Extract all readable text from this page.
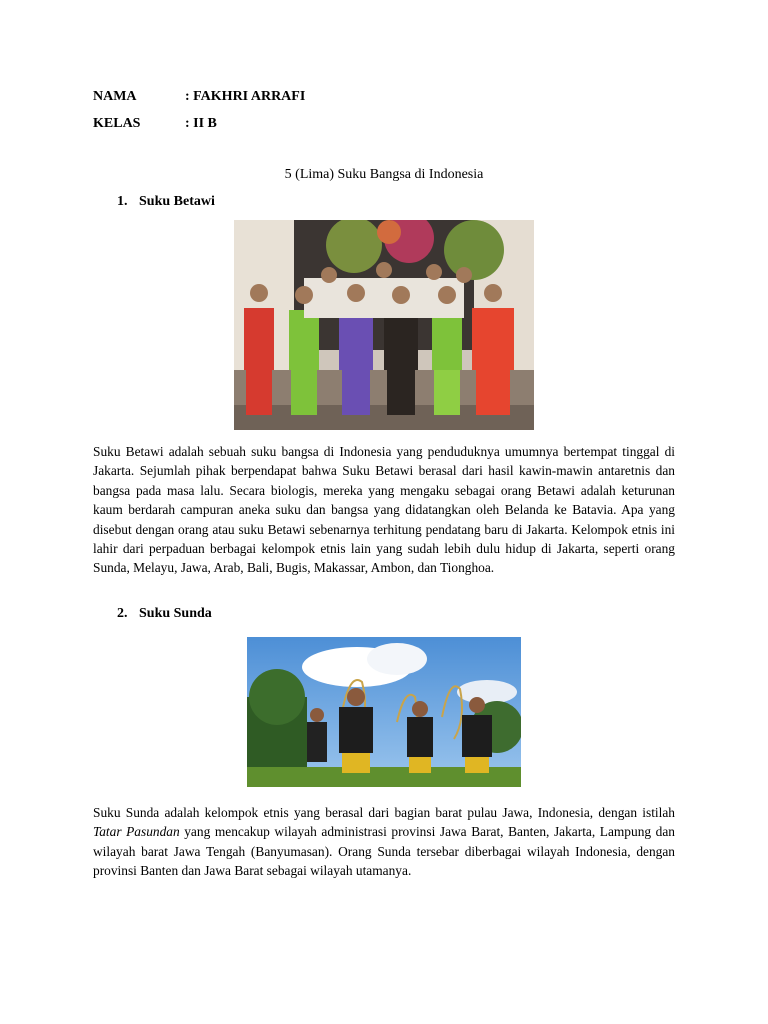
NAMA	: FAKHRI ARRAFI
KELAS	: II B
5 (Lima) Suku Bangsa di Indonesia
1. Suku Betawi

Suku Betawi adalah sebuah suku bangsa di Indonesia yang penduduknya umumnya bertempat tinggal di Jakarta. Sejumlah pihak berpendapat bahwa Suku Betawi berasal dari hasil kawin-mawin antaretnis dan bangsa pada masa lalu. Secara biologis, mereka yang mengaku sebagai orang Betawi adalah keturunan kaum berdarah campuran aneka suku dan bangsa yang didatangkan oleh Belanda ke Batavia. Apa yang disebut dengan orang atau suku Betawi sebenarnya terhitung pendatang baru di Jakarta. Kelompok etnis ini lahir dari perpaduan berbagai kelompok etnis lain yang sudah lebih dulu hidup di Jakarta, seperti orang Sunda, Melayu, Jawa, Arab, Bali, Bugis, Makassar, Ambon, dan Tionghoa.

2. Suku Sunda

Suku Sunda adalah kelompok etnis yang berasal dari bagian barat pulau Jawa, Indonesia, dengan istilah Tatar Pasundan yang mencakup wilayah administrasi provinsi Jawa Barat, Banten, Jakarta, Lampung dan wilayah barat Jawa Tengah (Banyumasan). Orang Sunda tersebar diberbagai wilayah Indonesia, dengan provinsi Banten dan Jawa Barat sebagai wilayah utamanya.
